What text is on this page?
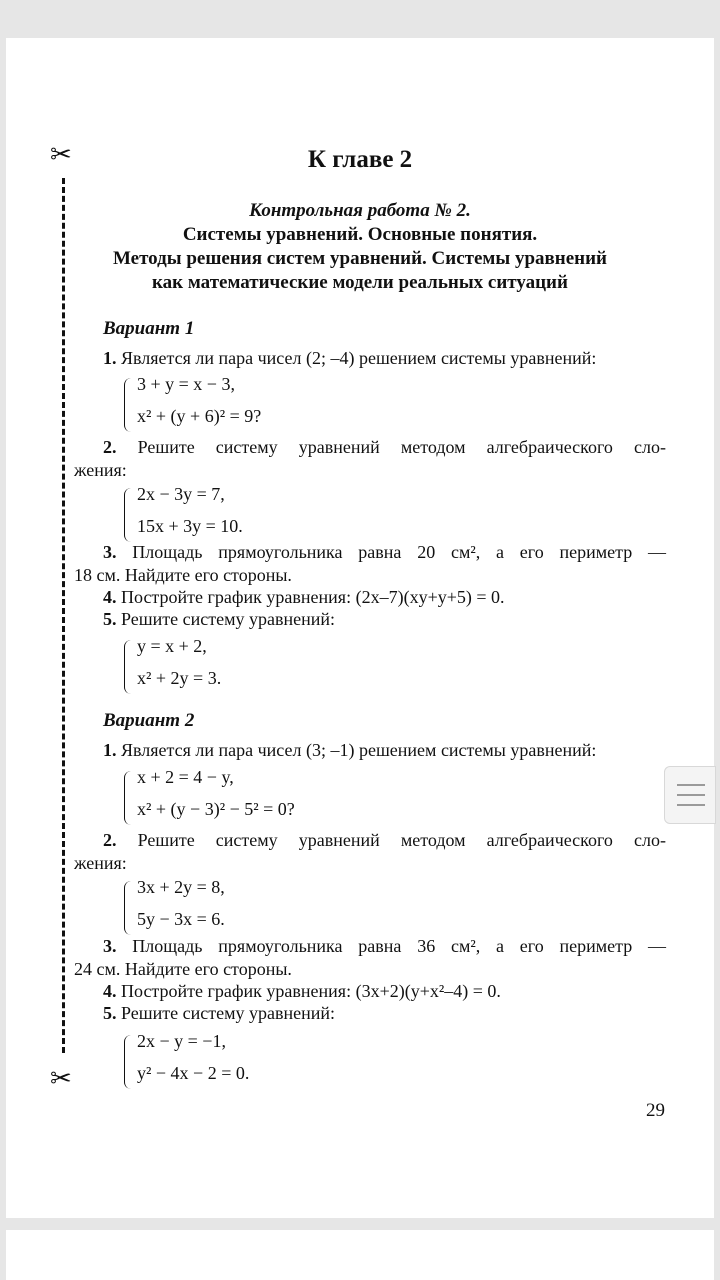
✂
✂
К главе 2
Контрольная работа № 2.
Системы уравнений. Основные понятия.
Методы решения систем уравнений. Системы уравнений
как математические модели реальных ситуаций
Вариант 1
1. Является ли пара чисел (2; –4) решением системы уравнений:
3 + y = x − 3,
x² + (y + 6)² = 9?
2. Решите систему уравнений методом алгебраического сло-
жения:
2x − 3y = 7,
15x + 3y = 10.
3. Площадь прямоугольника равна 20 см², а его периметр —
18 см. Найдите его стороны.
4. Постройте график уравнения: (2x–7)(xy+y+5) = 0.
5. Решите систему уравнений:
y = x + 2,
x² + 2y = 3.
Вариант 2
1. Является ли пара чисел (3; –1) решением системы уравнений:
x + 2 = 4 − y,
x² + (y − 3)² − 5² = 0?
2. Решите систему уравнений методом алгебраического сло-
жения:
3x + 2y = 8,
5y − 3x = 6.
3. Площадь прямоугольника равна 36 см², а его периметр —
24 см. Найдите его стороны.
4. Постройте график уравнения: (3x+2)(y+x²–4) = 0.
5. Решите систему уравнений:
2x − y = −1,
y² − 4x − 2 = 0.
29
